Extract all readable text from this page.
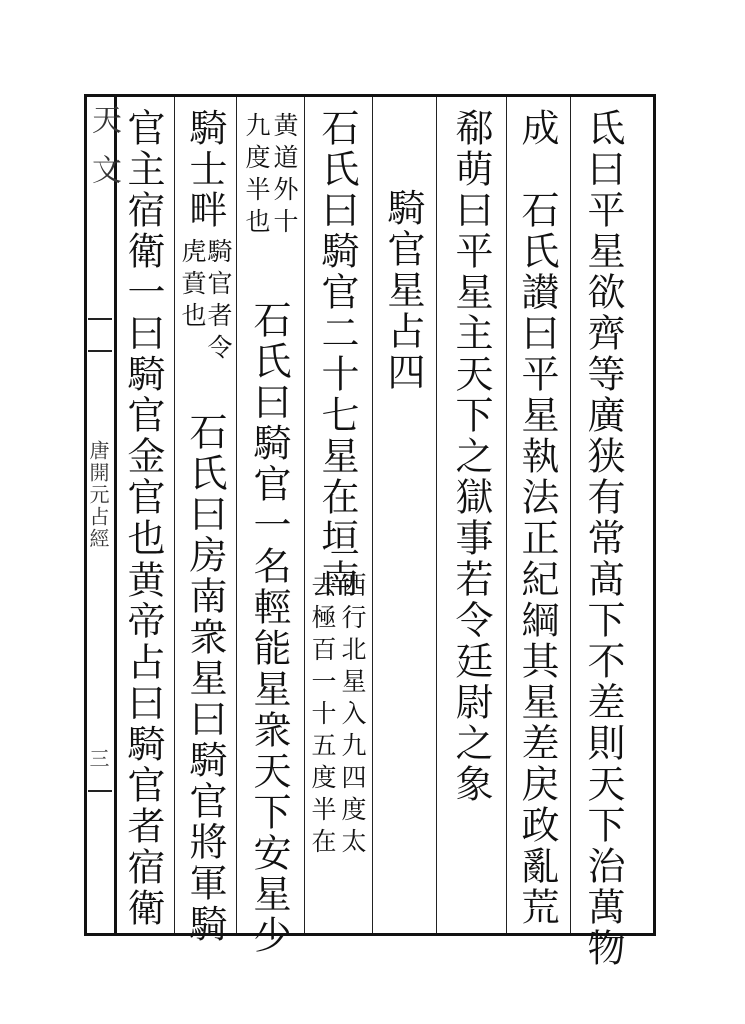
天文
唐開元占經
三	氐曰平星欲齊等廣狭有常髙下不差則天下治萬物
成　石氏讃曰平星執法正紀綱其星差戻政亂荒
郗萌曰平星主天下之獄事若令廷尉之象
騎官星占四
石氏曰騎官二十七星在垣南
西行北星入九四度太
去極百一十五度半在
黄道外十
九度半也
石氏曰騎官一名輕能星衆天下安星少
騎士畔
騎官者令
虎賁也
石氏曰房南衆星曰騎官將軍騎
官主宿衛一曰騎官金官也
黄帝占曰騎官者宿衛
